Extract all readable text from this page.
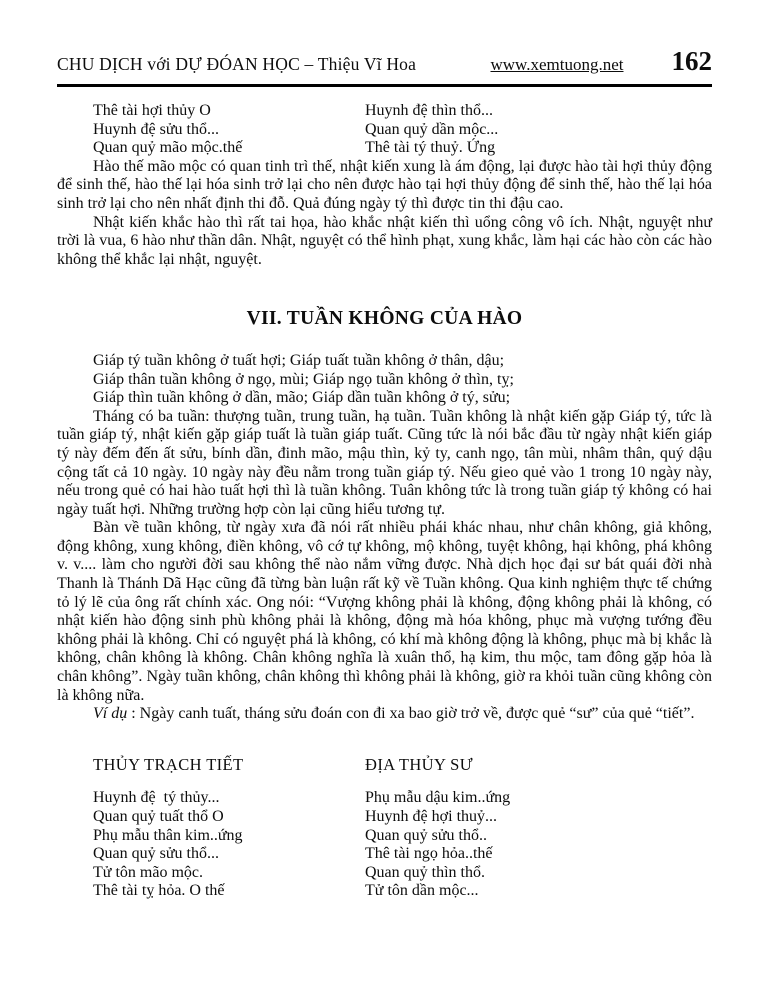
CHU DỊCH với DỰ ĐÓAN HỌC – Thiệu Vĩ Hoa	www.xemtuong.net 162
Thê tài hợi thủy O	Huynh đệ thìn thổ...
Huynh đệ sửu thổ...	Quan quỷ dần mộc...
Quan quỷ mão mộc.thế	Thê tài tý thuỷ. Ứng

Hào thế mão mộc có quan tinh trì thế, nhật kiến xung là ám động, lại được hào tài hợi thủy động để sinh thế, hào thế lại hóa sinh trở lại cho nên được hào tại hợi thủy động để sinh thế, hào thế lại hóa sinh trở lại cho nên nhất định thi đỗ. Quả đúng ngày tý thì được tin thi đậu cao.

Nhật kiến khắc hào thì rất tai họa, hào khắc nhật kiến thì uổng công vô ích. Nhật, nguyệt như trời là vua, 6 hào như thần dân. Nhật, nguyệt có thể hình phạt, xung khắc, làm hại các hào còn các hào không thể khắc lại nhật, nguyệt.

VII. TUẦN KHÔNG CỦA HÀO
Giáp tý tuần không ở tuất hợi; Giáp tuất tuần không ở thân, dậu;
Giáp thân tuần không ở ngọ, mùi; Giáp ngọ tuần không ở thìn, tỵ;
Giáp thìn tuần không ở dần, mão; Giáp dần tuần không ở tý, sửu;

Tháng có ba tuần: thượng tuần, trung tuần, hạ tuần. Tuần không là nhật kiến gặp Giáp tý, tức là tuần giáp tý, nhật kiến gặp giáp tuất là tuần giáp tuất. Cũng tức là nói bắc đầu từ ngày nhật kiến giáp tý này đếm đến ất sửu, bính dần, đinh mão, mậu thìn, kỷ ty, canh ngọ, tân mùi, nhâm thân, quý dậu cộng tất cả 10 ngày. 10 ngày này đều nằm trong tuần giáp tý. Nếu gieo quẻ vào 1 trong 10 ngày này, nếu trong quẻ có hai hào tuất hợi thì là tuần không. Tuân không tức là trong tuần giáp tý không có hai ngày tuất hợi. Những trường hợp còn lại cũng hiểu tương tự.

Bàn về tuần không, từ ngày xưa đã nói rất nhiều phái khác nhau, như chân không, giả không, động không, xung không, điền không, vô cớ tự không, mộ không, tuyệt không, hại không, phá không v. v.... làm cho người đời sau không thể nào nắm vững được. Nhà dịch học đại sư bát quái đời nhà Thanh là Thánh Dã Hạc cũng đã từng bàn luận rất kỹ về Tuần không. Qua kinh nghiệm thực tế chứng tỏ lý lẽ của ông rất chính xác. Ong nói: “Vượng không phải là không, động không phải là không, có nhật kiến hào động sinh phù không phải là không, động mà hóa không, phục mà vượng tướng đều không phải là không. Chỉ có nguyệt phá là không, có khí mà không động là không, phục mà bị khắc là không, chân không là không. Chân không nghĩa là xuân thổ, hạ kim, thu mộc, tam đông gặp hỏa là chân không”. Ngày tuần không, chân không thì không phải là không, giờ ra khỏi tuần cũng không còn là không nữa.

Ví dụ : Ngày canh tuất, tháng sửu đoán con đi xa bao giờ trở về, được quẻ “sư” của quẻ “tiết”.

THỦY TRẠCH TIẾT	ĐỊA THỦY SƯ
Huynh đệ  tý thủy...	Phụ mẫu dậu kim..ứng
Quan quỷ tuất thổ O	Huynh đệ hợi thuỷ...
Phụ mẫu thân kim..ứng	Quan quỷ sửu thổ..
Quan quỷ sửu thổ...	Thê tài ngọ hỏa..thế
Tử tôn mão mộc.	Quan quỷ thìn thổ.
Thê tài tỵ hỏa. O thế	Tử tôn dần mộc...
